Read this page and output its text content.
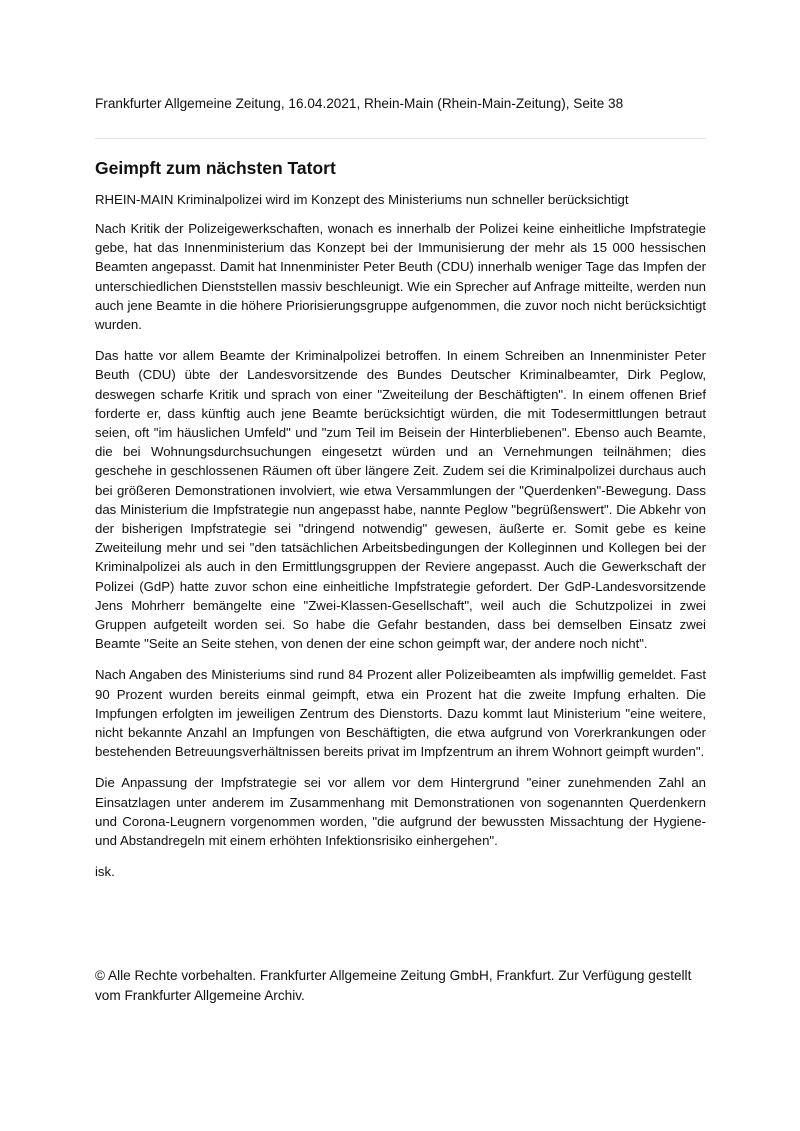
Frankfurter Allgemeine Zeitung, 16.04.2021, Rhein-Main (Rhein-Main-Zeitung), Seite 38
Geimpft zum nächsten Tatort
RHEIN-MAIN Kriminalpolizei wird im Konzept des Ministeriums nun schneller berücksichtigt

Nach Kritik der Polizeigewerkschaften, wonach es innerhalb der Polizei keine einheitliche Impfstrategie gebe, hat das Innenministerium das Konzept bei der Immunisierung der mehr als 15 000 hessischen Beamten angepasst. Damit hat Innenminister Peter Beuth (CDU) innerhalb weniger Tage das Impfen der unterschiedlichen Dienststellen massiv beschleunigt. Wie ein Sprecher auf Anfrage mitteilte, werden nun auch jene Beamte in die höhere Priorisierungsgruppe aufgenommen, die zuvor noch nicht berücksichtigt wurden.

Das hatte vor allem Beamte der Kriminalpolizei betroffen. In einem Schreiben an Innenminister Peter Beuth (CDU) übte der Landesvorsitzende des Bundes Deutscher Kriminalbeamter, Dirk Peglow, deswegen scharfe Kritik und sprach von einer "Zweiteilung der Beschäftigten". In einem offenen Brief forderte er, dass künftig auch jene Beamte berücksichtigt würden, die mit Todesermittlungen betraut seien, oft "im häuslichen Umfeld" und "zum Teil im Beisein der Hinterbliebenen". Ebenso auch Beamte, die bei Wohnungsdurchsuchungen eingesetzt würden und an Vernehmungen teilnähmen; dies geschehe in geschlossenen Räumen oft über längere Zeit. Zudem sei die Kriminalpolizei durchaus auch bei größeren Demonstrationen involviert, wie etwa Versammlungen der "Querdenken"-Bewegung. Dass das Ministerium die Impfstrategie nun angepasst habe, nannte Peglow "begrüßenswert". Die Abkehr von der bisherigen Impfstrategie sei "dringend notwendig" gewesen, äußerte er. Somit gebe es keine Zweiteilung mehr und sei "den tatsächlichen Arbeitsbedingungen der Kolleginnen und Kollegen bei der Kriminalpolizei als auch in den Ermittlungsgruppen der Reviere angepasst. Auch die Gewerkschaft der Polizei (GdP) hatte zuvor schon eine einheitliche Impfstrategie gefordert. Der GdP-Landesvorsitzende Jens Mohrherr bemängelte eine "Zwei-Klassen-Gesellschaft", weil auch die Schutzpolizei in zwei Gruppen aufgeteilt worden sei. So habe die Gefahr bestanden, dass bei demselben Einsatz zwei Beamte "Seite an Seite stehen, von denen der eine schon geimpft war, der andere noch nicht".

Nach Angaben des Ministeriums sind rund 84 Prozent aller Polizeibeamten als impfwillig gemeldet. Fast 90 Prozent wurden bereits einmal geimpft, etwa ein Prozent hat die zweite Impfung erhalten. Die Impfungen erfolgten im jeweiligen Zentrum des Dienstorts. Dazu kommt laut Ministerium "eine weitere, nicht bekannte Anzahl an Impfungen von Beschäftigten, die etwa aufgrund von Vorerkrankungen oder bestehenden Betreuungsverhältnissen bereits privat im Impfzentrum an ihrem Wohnort geimpft wurden".

Die Anpassung der Impfstrategie sei vor allem vor dem Hintergrund "einer zunehmenden Zahl an Einsatzlagen unter anderem im Zusammenhang mit Demonstrationen von sogenannten Querdenkern und Corona-Leugnern vorgenommen worden, "die aufgrund der bewussten Missachtung der Hygiene- und Abstandregeln mit einem erhöhten Infektionsrisiko einhergehen".

isk.

© Alle Rechte vorbehalten. Frankfurter Allgemeine Zeitung GmbH, Frankfurt. Zur Verfügung gestellt vom Frankfurter Allgemeine Archiv.
